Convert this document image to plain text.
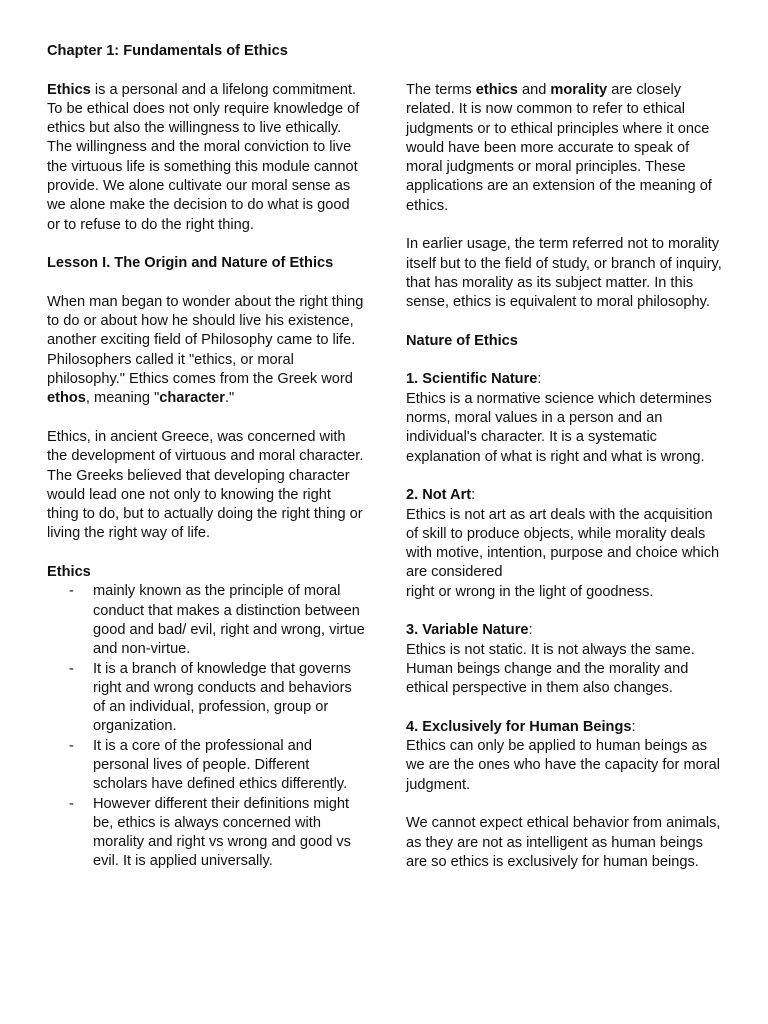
Chapter 1: Fundamentals of Ethics

Ethics is a personal and a lifelong commitment. To be ethical does not only require knowledge of ethics but also the willingness to live ethically. The willingness and the moral conviction to live the virtuous life is something this module cannot provide. We alone cultivate our moral sense as we alone make the decision to do what is good or to refuse to do the right thing.

Lesson I. The Origin and Nature of Ethics

When man began to wonder about the right thing to do or about how he should live his existence, another exciting field of Philosophy came to life. Philosophers called it "ethics, or moral philosophy." Ethics comes from the Greek word ethos, meaning "character."

Ethics, in ancient Greece, was concerned with the development of virtuous and moral character. The Greeks believed that developing character would lead one not only to knowing the right thing to do, but to actually doing the right thing or living the right way of life.

Ethics

- mainly known as the principle of moral conduct that makes a distinction between good and bad/ evil, right and wrong, virtue and non-virtue.
- It is a branch of knowledge that governs right and wrong conducts and behaviors of an individual, profession, group or organization.
- It is a core of the professional and personal lives of people. Different scholars have defined ethics differently.
- However different their definitions might be, ethics is always concerned with morality and right vs wrong and good vs evil. It is applied universally.

The terms ethics and morality are closely related. It is now common to refer to ethical judgments or to ethical principles where it once would have been more accurate to speak of moral judgments or moral principles. These applications are an extension of the meaning of ethics.

In earlier usage, the term referred not to morality itself but to the field of study, or branch of inquiry, that has morality as its subject matter. In this sense, ethics is equivalent to moral philosophy.

Nature of Ethics

1. Scientific Nature:

Ethics is a normative science which determines norms, moral values in a person and an individual's character. It is a systematic explanation of what is right and what is wrong.

2. Not Art:

Ethics is not art as art deals with the acquisition of skill to produce objects, while morality deals with motive, intention, purpose and choice which are considered

right or wrong in the light of goodness.

3. Variable Nature:

Ethics is not static. It is not always the same. Human beings change and the morality and ethical perspective in them also changes.

4. Exclusively for Human Beings:

Ethics can only be applied to human beings as we are the ones who have the capacity for moral judgment.

We cannot expect ethical behavior from animals, as they are not as intelligent as human beings are so ethics is exclusively for human beings.
